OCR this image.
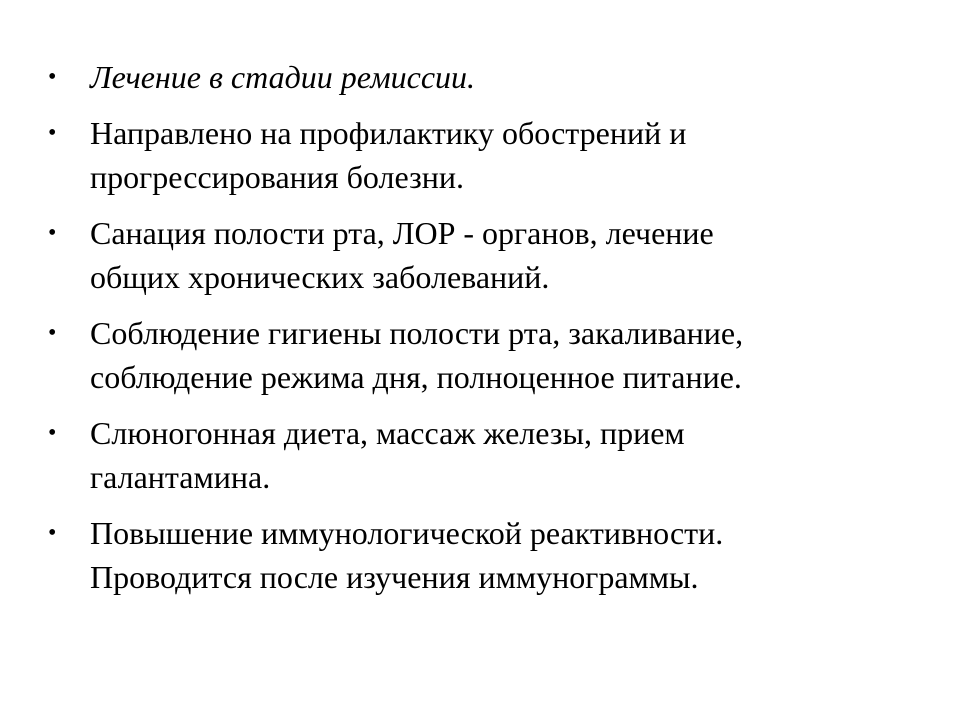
• Лечение в стадии ремиссии.
• Направлено на профилактику обострений и
прогрессирования болезни.
• Санация полости рта, ЛОР - органов, лечение
общих хронических заболеваний.
• Соблюдение гигиены полости рта, закаливание,
соблюдение режима дня, полноценное питание.
• Слюногонная диета, массаж железы, прием
галантамина.
• Повышение иммунологической реактивности.
Проводится после изучения иммунограммы.
